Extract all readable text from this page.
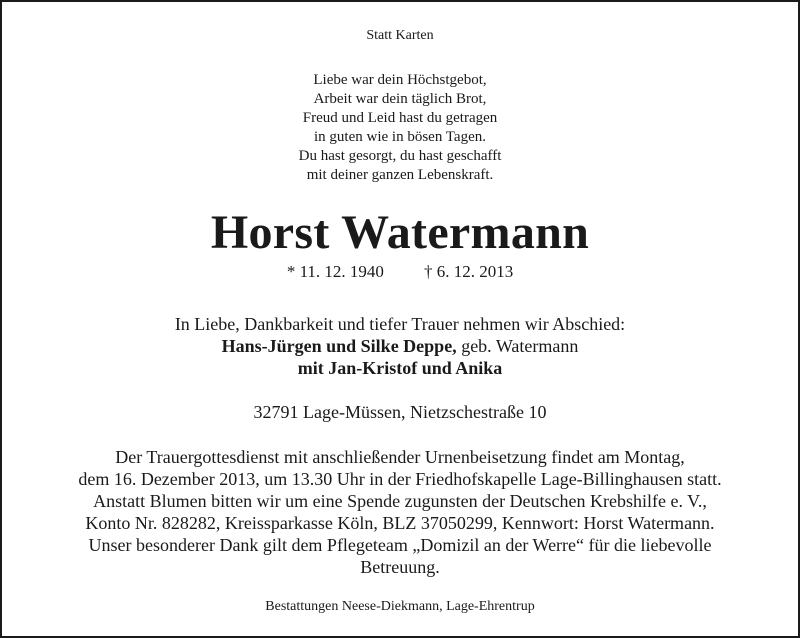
Statt Karten
Liebe war dein Höchstgebot,
Arbeit war dein täglich Brot,
Freud und Leid hast du getragen
in guten wie in bösen Tagen.
Du hast gesorgt, du hast geschafft
mit deiner ganzen Lebenskraft.
Horst Watermann
* 11. 12. 1940 † 6. 12. 2013
In Liebe, Dankbarkeit und tiefer Trauer nehmen wir Abschied:
Hans-Jürgen und Silke Deppe, geb. Watermann
mit Jan-Kristof und Anika
32791 Lage-Müssen, Nietzschestraße 10
Der Trauergottesdienst mit anschließender Urnenbeisetzung findet am Montag,
dem 16. Dezember 2013, um 13.30 Uhr in der Friedhofskapelle Lage-Billinghausen statt.
Anstatt Blumen bitten wir um eine Spende zugunsten der Deutschen Krebshilfe e. V.,
Konto Nr. 828282, Kreissparkasse Köln, BLZ 37050299, Kennwort: Horst Watermann.
Unser besonderer Dank gilt dem Pflegeteam „Domizil an der Werre“ für die liebevolle
Betreuung.
Bestattungen Neese-Diekmann, Lage-Ehrentrup
